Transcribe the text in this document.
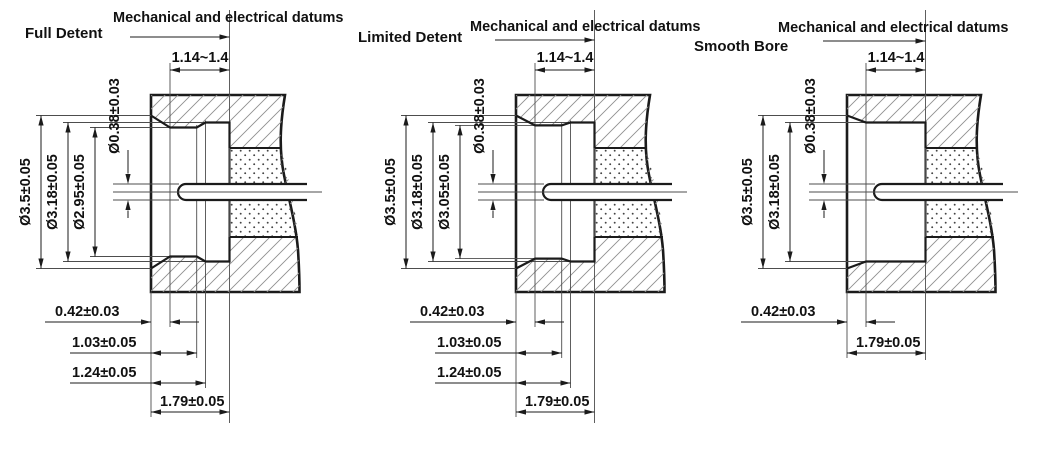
Ø0.38±0.03
Ø3.5±0.05 Ø3.18±0.05 Ø2.95±0.05
1.14~1.4
0.42±0.03
1.03±0.05
1.24±0.05
1.79±0.05
Mechanical and electrical datums
Full Detent
Ø0.38±0.03
Ø3.5±0.05 Ø3.18±0.05 Ø3.05±0.05
1.14~1.4
0.42±0.03
1.03±0.05
1.24±0.05
1.79±0.05
Mechanical and electrical datums
Limited Detent
Ø0.38±0.03
Ø3.5±0.05 Ø3.18±0.05
1.14~1.4
0.42±0.03
1.79±0.05
Mechanical and electrical datums
Smooth Bore
